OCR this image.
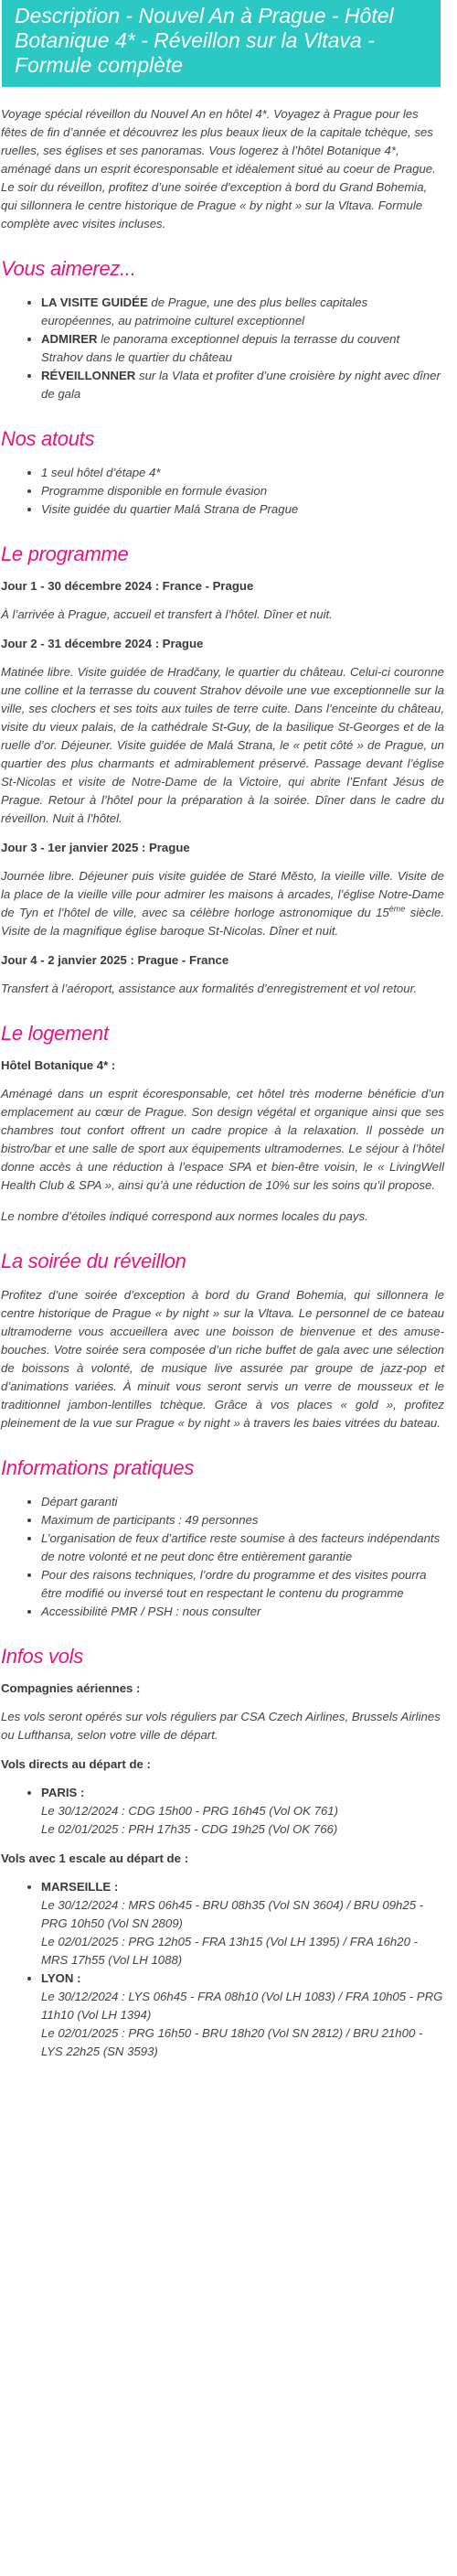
Description - Nouvel An à Prague - Hôtel Botanique 4* - Réveillon sur la Vltava - Formule complète

Voyage spécial réveillon du Nouvel An en hôtel 4*. Voyagez à Prague pour les fêtes de fin d’année et découvrez les plus beaux lieux de la capitale tchèque, ses ruelles, ses églises et ses panoramas. Vous logerez à l’hôtel Botanique 4*, aménagé dans un esprit écoresponsable et idéalement situé au coeur de Prague. Le soir du réveillon, profitez d’une soirée d’exception à bord du Grand Bohemia, qui sillonnera le centre historique de Prague « by night » sur la Vltava. Formule complète avec visites incluses.

Vous aimerez...
• LA VISITE GUIDÉE de Prague, une des plus belles capitales européennes, au patrimoine culturel exceptionnel
• ADMIRER le panorama exceptionnel depuis la terrasse du couvent Strahov dans le quartier du château
• RÉVEILLONNER sur la Vlata et profiter d’une croisière by night avec dîner de gala
Nos atouts
• 1 seul hôtel d’étape 4*
• Programme disponible en formule évasion
• Visite guidée du quartier Malá Strana de Prague
Le programme
Jour 1 - 30 décembre 2024 : France - Prague

À l’arrivée à Prague, accueil et transfert à l’hôtel. Dîner et nuit.

Jour 2 - 31 décembre 2024 : Prague

Matinée libre. Visite guidée de Hradčany, le quartier du château. Celui-ci couronne une colline et la terrasse du couvent Strahov dévoile une vue exceptionnelle sur la ville, ses clochers et ses toits aux tuiles de terre cuite. Dans l’enceinte du château, visite du vieux palais, de la cathédrale St-Guy, de la basilique St-Georges et de la ruelle d’or. Déjeuner. Visite guidée de Malá Strana, le « petit côté » de Prague, un quartier des plus charmants et admirablement préservé. Passage devant l’église St-Nicolas et visite de Notre-Dame de la Victoire, qui abrite l’Enfant Jésus de Prague. Retour à l’hôtel pour la préparation à la soirée. Dîner dans le cadre du réveillon. Nuit à l’hôtel.

Jour 3 - 1er janvier 2025 : Prague

Journée libre. Déjeuner puis visite guidée de Staré Město, la vieille ville. Visite de la place de la vieille ville pour admirer les maisons à arcades, l’église Notre-Dame de Tyn et l’hôtel de ville, avec sa célèbre horloge astronomique du 15ème siècle. Visite de la magnifique église baroque St-Nicolas. Dîner et nuit.

Jour 4 - 2 janvier 2025 : Prague - France

Transfert à l’aéroport, assistance aux formalités d’enregistrement et vol retour.

Le logement
Hôtel Botanique 4* :

Aménagé dans un esprit écoresponsable, cet hôtel très moderne bénéficie d’un emplacement au cœur de Prague. Son design végétal et organique ainsi que ses chambres tout confort offrent un cadre propice à la relaxation. Il possède un bistro/bar et une salle de sport aux équipements ultramodernes. Le séjour à l’hôtel donne accès à une réduction à l’espace SPA et bien-être voisin, le « LivingWell Health Club & SPA », ainsi qu’à une réduction de 10% sur les soins qu’il propose.

Le nombre d’étoiles indiqué correspond aux normes locales du pays.

La soirée du réveillon

Profitez d’une soirée d’exception à bord du Grand Bohemia, qui sillonnera le centre historique de Prague « by night » sur la Vltava. Le personnel de ce bateau ultramoderne vous accueillera avec une boisson de bienvenue et des amuse-bouches. Votre soirée sera composée d’un riche buffet de gala avec une sélection de boissons à volonté, de musique live assurée par groupe de jazz-pop et d’animations variées. À minuit vous seront servis un verre de mousseux et le traditionnel jambon-lentilles tchèque. Grâce à vos places « gold », profitez pleinement de la vue sur Prague « by night » à travers les baies vitrées du bateau.

Informations pratiques
• Départ garanti
• Maximum de participants : 49 personnes
• L’organisation de feux d’artifice reste soumise à des facteurs indépendants de notre volonté et ne peut donc être entièrement garantie
• Pour des raisons techniques, l’ordre du programme et des visites pourra être modifié ou inversé tout en respectant le contenu du programme
• Accessibilité PMR / PSH : nous consulter
Infos vols
Compagnies aériennes :

Les vols seront opérés sur vols réguliers par CSA Czech Airlines, Brussels Airlines ou Lufthansa, selon votre ville de départ.

Vols directs au départ de :
• PARIS :
Le 30/12/2024 : CDG 15h00 - PRG 16h45 (Vol OK 761)
Le 02/01/2025 : PRH 17h35 - CDG 19h25 (Vol OK 766)
Vols avec 1 escale au départ de :
• MARSEILLE :
Le 30/12/2024 : MRS 06h45 - BRU 08h35 (Vol SN 3604) / BRU 09h25 - PRG 10h50 (Vol SN 2809)
Le 02/01/2025 : PRG 12h05 - FRA 13h15 (Vol LH 1395) / FRA 16h20 - MRS 17h55 (Vol LH 1088)
• LYON :
Le 30/12/2024 : LYS 06h45 - FRA 08h10 (Vol LH 1083) / FRA 10h05 - PRG 11h10 (Vol LH 1394)
Le 02/01/2025 : PRG 16h50 - BRU 18h20 (Vol SN 2812) / BRU 21h00 - LYS 22h25 (SN 3593)
